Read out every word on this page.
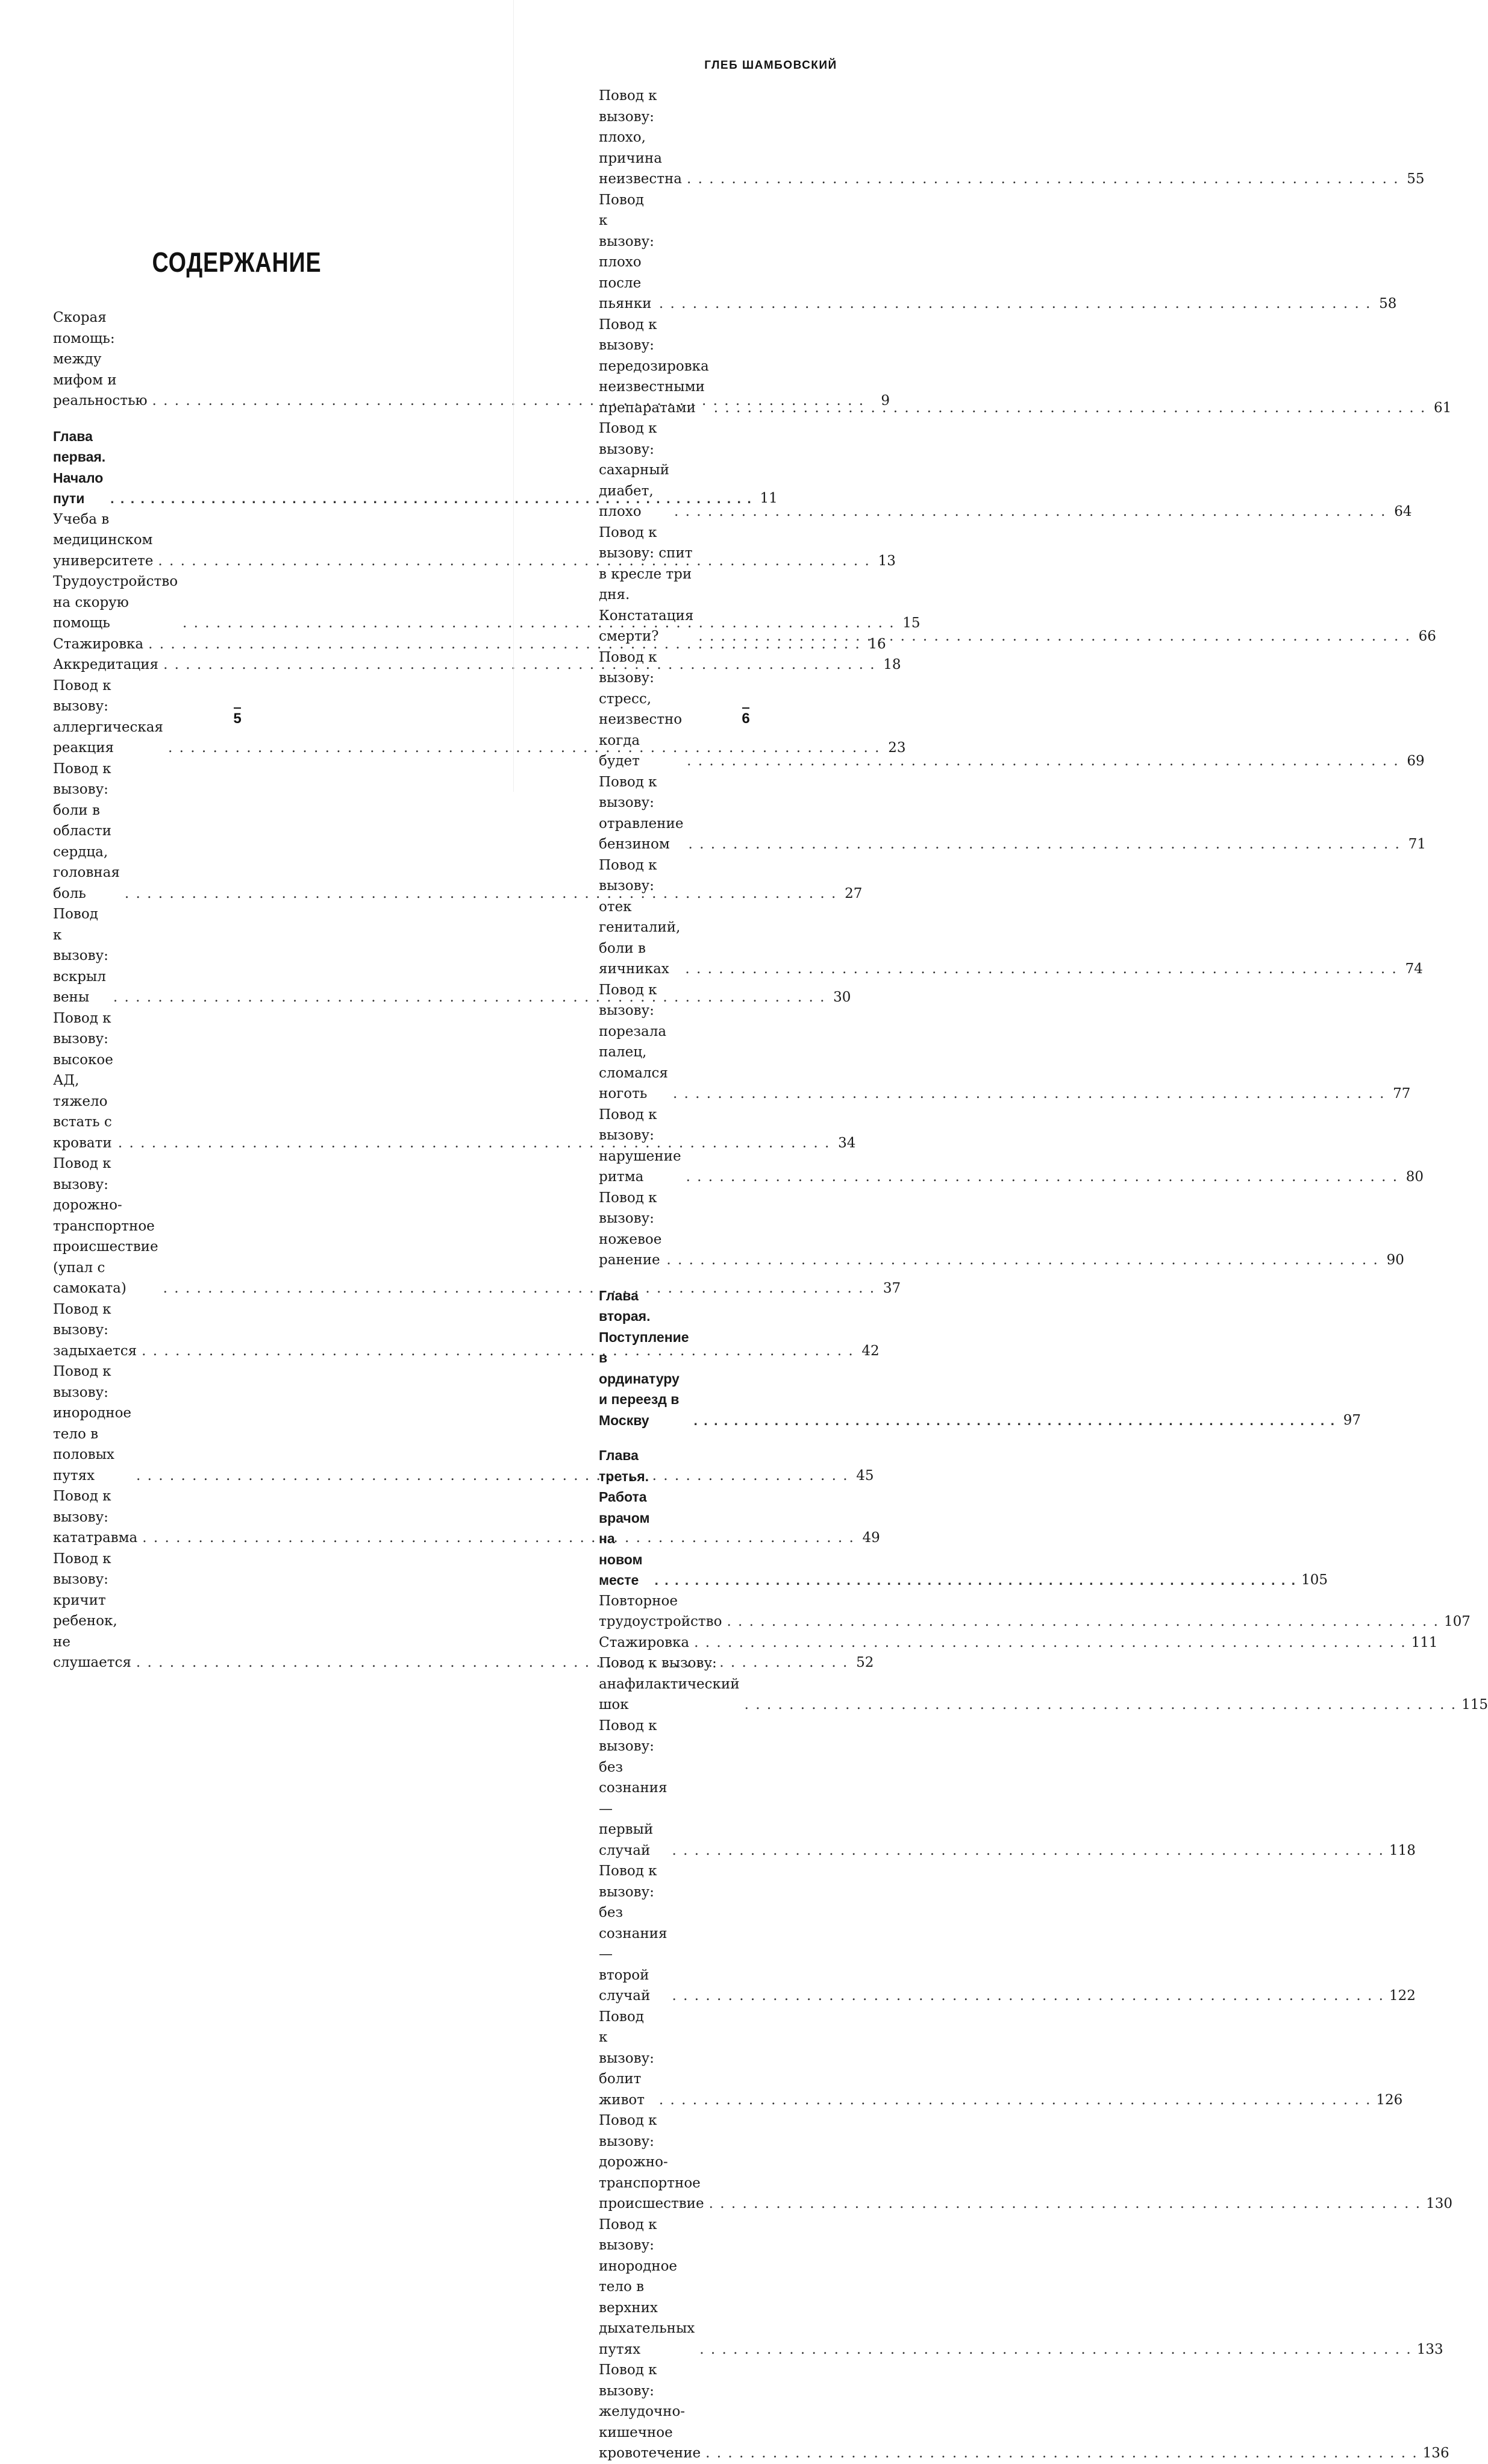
СОДЕРЖАНИЕ
Скорая помощь: между мифом и реальностью . . .	9
Глава первая. Начало пути . . .	11
Учеба в медицинском университете . . .	13
Трудоустройство на скорую помощь . . .	15
Стажировка . . .	16
Аккредитация . . .	18
Повод к вызову: аллергическая реакция . . .	23
Повод к вызову: боли в области сердца, головная боль . . .	27
Повод к вызову: вскрыл вены . . .	30
Повод к вызову: высокое АД, тяжело встать с кровати . . .	34
Повод к вызову: дорожно-транспортное происшествие (упал с самоката) . . .	37
Повод к вызову: задыхается . . .	42
Повод к вызову: инородное тело в половых путях . . .	45
Повод к вызову: кататравма . . .	49
Повод к вызову: кричит ребенок, не слушается . . .	52
5
ГЛЕБ ШАМБОВСКИЙ
Повод к вызову: плохо, причина неизвестна . . .	55
Повод к вызову: плохо после пьянки . . .	58
Повод к вызову: передозировка неизвестными препаратами . . .	61
Повод к вызову: сахарный диабет, плохо . . .	64
Повод к вызову: спит в кресле три дня. Констатация смерти? . . .	66
Повод к вызову: стресс, неизвестно когда будет . . .	69
Повод к вызову: отравление бензином . . .	71
Повод к вызову: отек гениталий, боли в яичниках . . .	74
Повод к вызову: порезала палец, сломался ноготь . . .	77
Повод к вызову: нарушение ритма . . .	80
Повод к вызову: ножевое ранение . . .	90
Глава вторая. Поступление в ординатуру и переезд в Москву . . .	97
Глава третья. Работа врачом на новом месте . . .	105
Повторное трудоустройство . . .	107
Стажировка . . .	111
Повод к вызову: анафилактический шок . . .	115
Повод к вызову: без сознания — первый случай . . .	118
Повод к вызову: без сознания — второй случай . . .	122
Повод к вызову: болит живот . . .	126
Повод к вызову: дорожно-транспортное происшествие . . .	130
Повод к вызову: инородное тело в верхних дыхательных путях . . .	133
Повод к вызову: желудочно-кишечное кровотечение . . .	136
6
